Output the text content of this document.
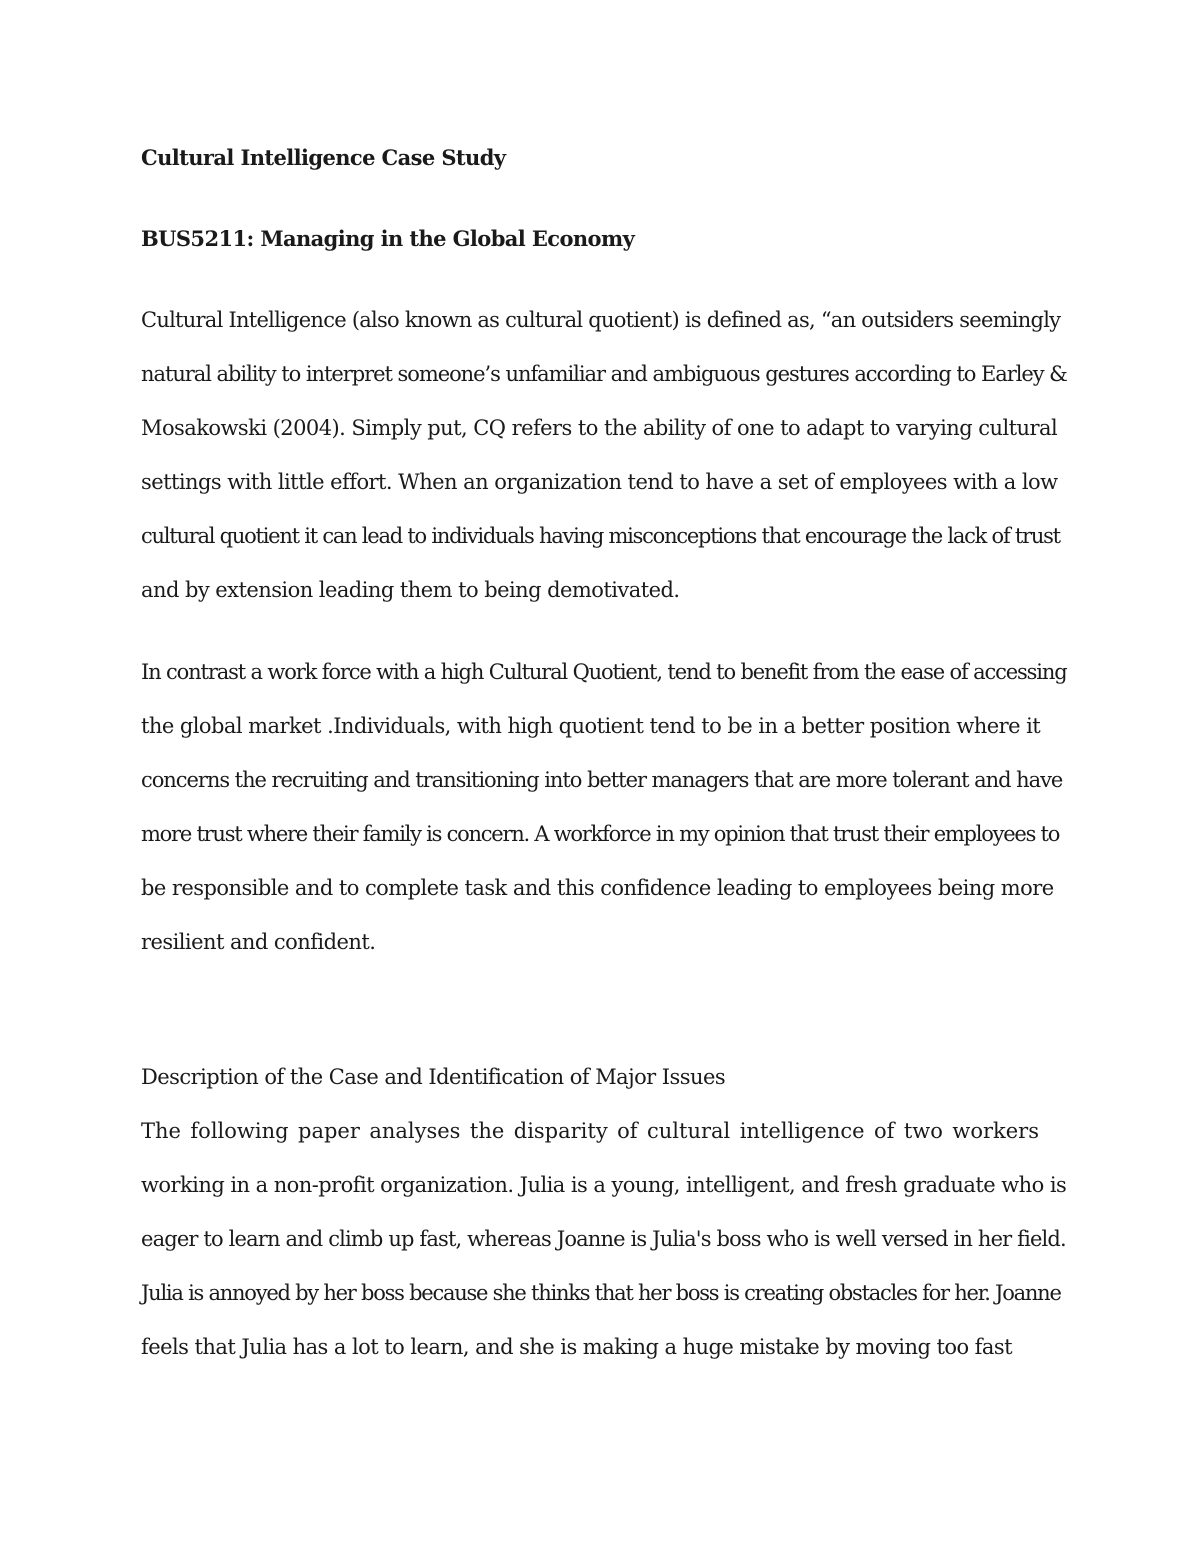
Cultural Intelligence Case Study

BUS5211: Managing in the Global Economy

Cultural Intelligence (also known as cultural quotient) is defined as, “an outsiders seemingly

natural ability to interpret someone’s unfamiliar and ambiguous gestures according to Earley &

Mosakowski (2004). Simply put, CQ refers to the ability of one to adapt to varying cultural

settings with little effort. When an organization tend to have a set of employees with a low

cultural quotient it can lead to individuals having misconceptions that encourage the lack of trust

and by extension leading them to being demotivated.

In contrast a work force with a high Cultural Quotient, tend to benefit from the ease of accessing

the global market .Individuals, with high quotient tend to be in a better position where it

concerns the recruiting and transitioning into better managers that are more tolerant and have

more trust where their family is concern. A workforce in my opinion that trust their employees to

be responsible and to complete task and this confidence leading to employees being more

resilient and confident.

Description of the Case and Identification of Major Issues

The following paper analyses the disparity of cultural intelligence of two workers

working in a non-profit organization. Julia is a young, intelligent, and fresh graduate who is

eager to learn and climb up fast, whereas Joanne is Julia's boss who is well versed in her field.

Julia is annoyed by her boss because she thinks that her boss is creating obstacles for her. Joanne

feels that Julia has a lot to learn, and she is making a huge mistake by moving too fast
